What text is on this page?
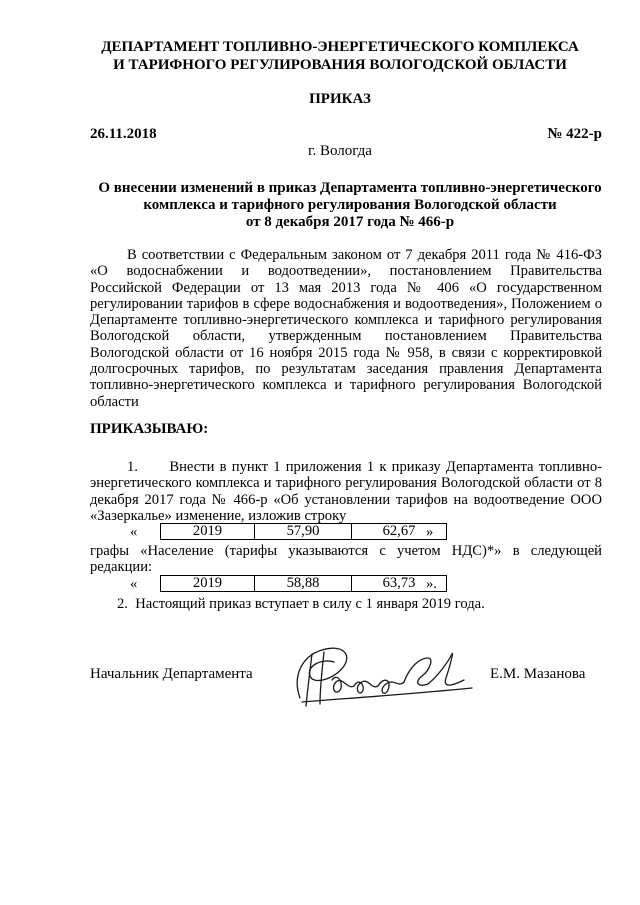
ДЕПАРТАМЕНТ ТОПЛИВНО-ЭНЕРГЕТИЧЕСКОГО КОМПЛЕКСА
И ТАРИФНОГО РЕГУЛИРОВАНИЯ ВОЛОГОДСКОЙ ОБЛАСТИ
ПРИКАЗ
26.11.2018	№ 422-р
г. Вологда
О внесении изменений в приказ Департамента топливно-энергетического
комплекса и тарифного регулирования Вологодской области
от 8 декабря 2017 года № 466-р

В соответствии с Федеральным законом от 7 декабря 2011 года № 416-ФЗ «О водоснабжении и водоотведении», постановлением Правительства Российской Федерации от 13 мая 2013 года № 406 «О государственном регулировании тарифов в сфере водоснабжения и водоотведения», Положением о Департаменте топливно-энергетического комплекса и тарифного регулирования Вологодской области, утвержденным постановлением Правительства Вологодской области от 16 ноября 2015 года № 958, в связи с корректировкой долгосрочных тарифов, по результатам заседания правления Департамента топливно-энергетического комплекса и тарифного регулирования Вологодской области

ПРИКАЗЫВАЮ:

1. Внести в пункт 1 приложения 1 к приказу Департамента топливно-энергетического комплекса и тарифного регулирования Вологодской области от 8 декабря 2017 года № 466-р «Об установлении тарифов на водоотведение ООО «Зазеркалье» изменение, изложив строку

«	2019	57,90	62,67 »

графы «Население (тарифы указываются с учетом НДС)*» в следующей редакции:

«	2019	58,88	63,73 ».

2. Настоящий приказ вступает в силу с 1 января 2019 года.

Начальник Департамента	Е.М. Мазанова
